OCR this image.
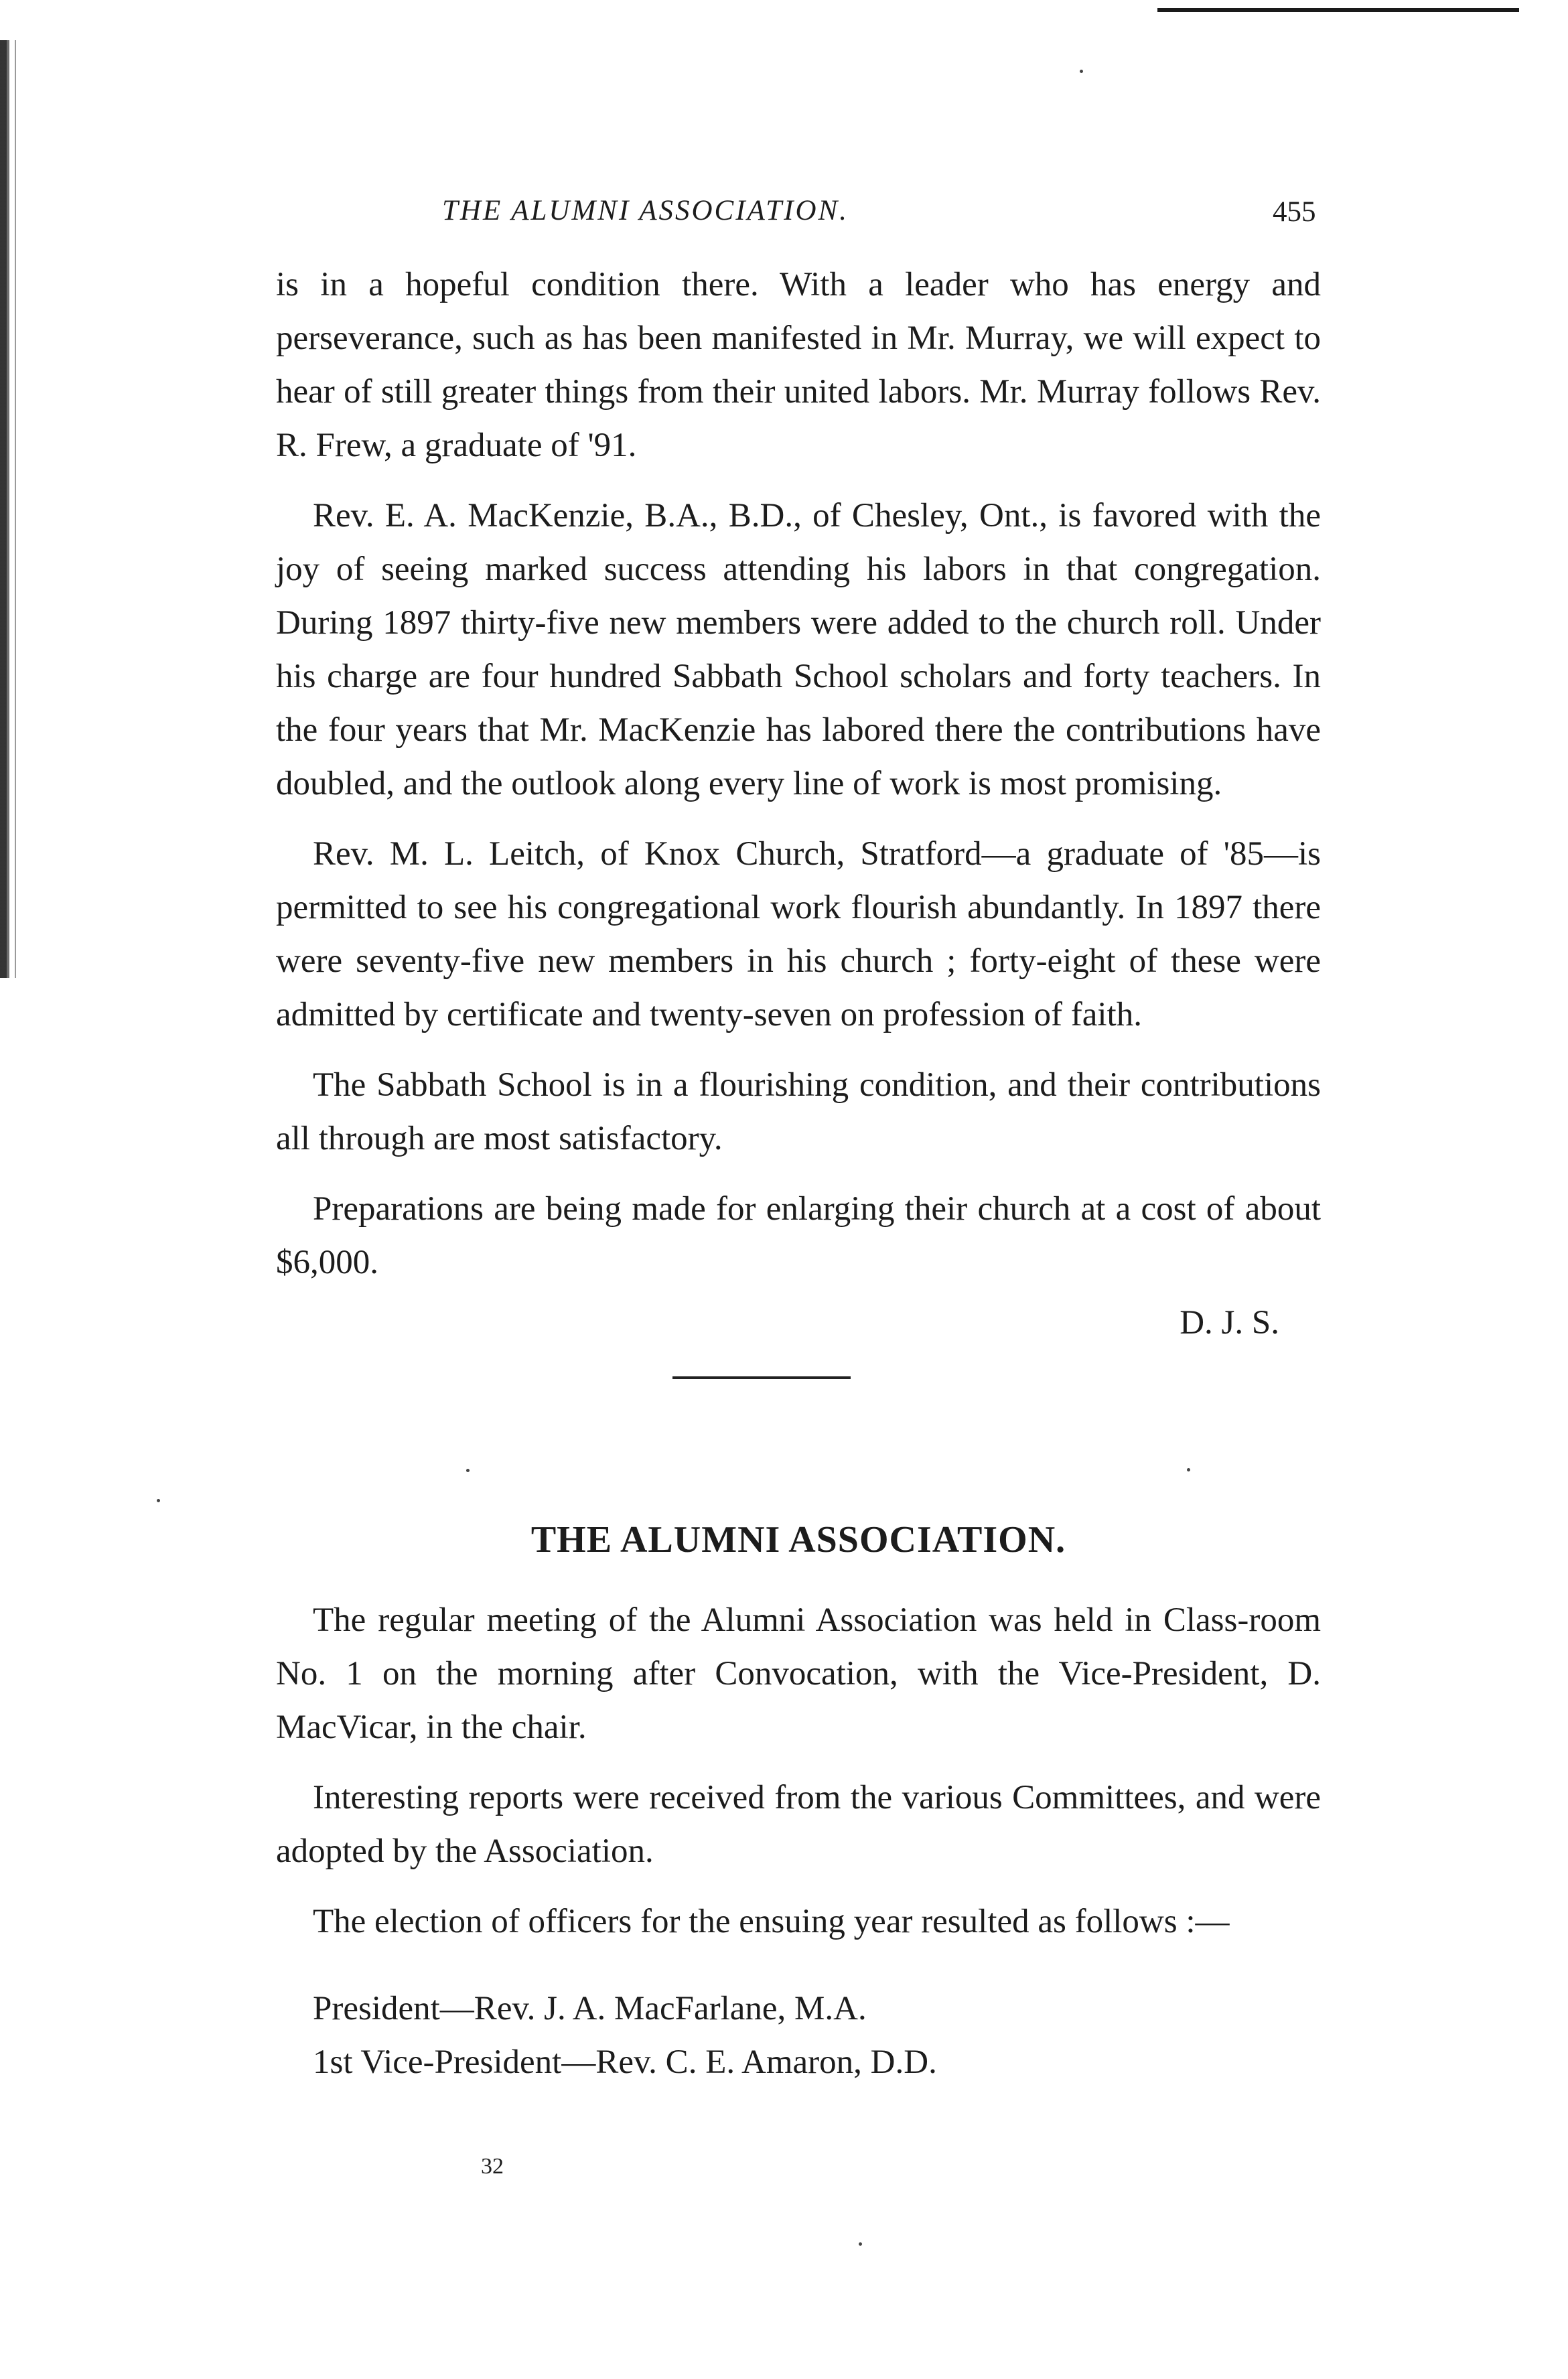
THE ALUMNI ASSOCIATION.	455

is in a hopeful condition there. With a leader who has energy and perseverance, such as has been manifested in Mr. Murray, we will expect to hear of still greater things from their united labors. Mr. Murray follows Rev. R. Frew, a graduate of '91.

Rev. E. A. MacKenzie, B.A., B.D., of Chesley, Ont., is favored with the joy of seeing marked success attending his labors in that congregation. During 1897 thirty-five new members were added to the church roll. Under his charge are four hundred Sabbath School scholars and forty teachers. In the four years that Mr. MacKenzie has labored there the contributions have doubled, and the outlook along every line of work is most promising.

Rev. M. L. Leitch, of Knox Church, Stratford—a graduate of '85—is permitted to see his congregational work flourish abundantly. In 1897 there were seventy-five new members in his church ; forty-eight of these were admitted by certificate and twenty-seven on profession of faith.

The Sabbath School is in a flourishing condition, and their contributions all through are most satisfactory.

Preparations are being made for enlarging their church at a cost of about $6,000.

D. J. S.
THE ALUMNI ASSOCIATION.

The regular meeting of the Alumni Association was held in Class-room No. 1 on the morning after Convocation, with the Vice-President, D. MacVicar, in the chair.

Interesting reports were received from the various Committees, and were adopted by the Association.

The election of officers for the ensuing year resulted as follows :—

President—Rev. J. A. MacFarlane, M.A.

1st Vice-President—Rev. C. E. Amaron, D.D.

32
